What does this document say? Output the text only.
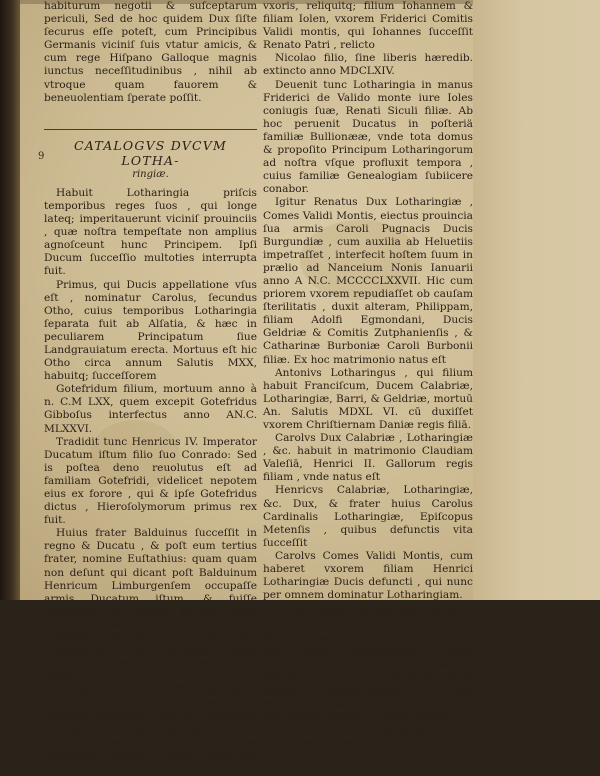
9

habiturum negotii & suſceptarum periculi, Sed de hoc quidem Dux ſiſte ſecurus eſſe poteſt, cum Principibus Germanis viciniſ ſuis vtatur amicis, & cum rege Hiſpano Galloque magnis iunctus neceſſitudinibus , nihil ab vtroque quam fauorem & beneuolentiam ſperate poſſit.

CATALOGVS DVCVM LOTHA-

ringiæ.

Habuit Lotharingia priſcis temporibus reges ſuos , qui longe lateq; imperitauerunt viciniſ prouinciis , quæ noſtra tempeſtate non amplius agnoſceunt hunc Principem. Ipſi Ducum ſucceſſio multoties interrupta fuit.

Primus, qui Ducis appellatione vſus eſt , nominatur Carolus, ſecundus Otho, cuius temporibus Lotharingia ſeparata fuit ab Alſatia, & hæc in peculiarem Principatum ſiue Landgrauiatum erecta. Mortuus eſt hic Otho circa annum Salutis MXX, habuitq; ſucceſſorem

Gotefridum filium, mortuum anno à n. C.M LXX, quem excepit Gotefridus Gibboſus interfectus anno AN.C. MLXXVI.

Tradidit tunc Henricus IV. Imperator Ducatum iſtum filio ſuo Conrado: Sed is poſtea deno reuolutus eſt ad familiam Gotefridi, videlicet nepotem eius ex forore , qui & ipſe Gotefridus dictus , Hieroſolymorum primus rex fuit.

Huius frater Balduinus ſucceſſit in regno & Ducatu , & poſt eum tertius frater, nomine Euſtathius: quam quam non deſunt qui dicant poſt Balduinum Henricum Limburgenſem occupaſſe armis Ducatum iſtum, & fuiſſe Septimum in ordine Ducem circa annum Gratiæ MC VI.

Poſtea dedit Henricus V. Imperator Principatum hunc Guilelmo Comiti Louanienſi, qui ſucceſſores habuit duos.

Theodoricum filiu , & Theobaldum ex hoc filio Theodorico nepotem. Cui ſucceſſit Fridericus, ſub quo Brabantia à Ducatu Lotharingico auulſa fuit.

Poſt Fridericum aiunt quendam Matthæum Ducatu potitum fuiſſe, qui reliquerit Simonem

vxoris, reliquitq; filium Iohannem & filiam Iolen, vxorem Friderici Comitis Validi montis, qui Iohannes ſucceſſit Renato Patri , relicto

Nicolao filio, ſine liberis hæredib. extincto anno MDCLXIV.

Deuenit tunc Lotharingia in manus Friderici de Valido monte iure Ioles coniugis ſuæ, Renati Siculi filiæ. Ab hoc peruenit Ducatus in poſteriä familiæ Bullionææ, vnde tota domus & propoſito Principum Lotharingorum ad noſtra vſque profluxit tempora , cuius familiæ Genealogiam ſubiicere conabor.

Igitur Renatus Dux Lotharingiæ , Comes Validi Montis, eiectus prouincia ſua armis Caroli Pugnacis Ducis Burgundiæ , cum auxilia ab Heluetiis impetraſſet , interfecit hoſtem ſuum in prælio ad Nanceium Nonis Ianuarii anno A N.C. MCCCCLXXVII. Hic cum priorem vxorem repudiaſſet ob cauſam ſterilitatis , duxit alteram, Philippam, filiam Adolfi Egmondani, Ducis Geldriæ & Comitis Zutphanienſis , & Catharinæ Burboniæ Caroli Burbonii filiæ. Ex hoc matrimonio natus eſt

Antonivs Lotharingus , qui filium habuit Franciſcum, Ducem Calabriæ, Lotharingiæ, Barri, & Geldriæ, mortuū An. Salutis MDXL VI. cū duxiſſet vxorem Chriſtiernam Daniæ regis filiā.

Carolvs Dux Calabriæ , Lotharingiæ , &c. habuit in matrimonio Claudiam Valeſiā, Henrici II. Gallorum regis filiam , vnde natus eſt

Henricvs Calabriæ, Lotharingiæ, &c. Dux, & frater huius Carolus Cardinalis Lotharingiæ, Epiſcopus Metenſis , quibus defunctis vita ſucceſſit

Carolvs Comes Validi Montis, cum haberet vxorem filiam Henrici Lotharingiæ Ducis defuncti , qui nunc per omnem dominatur Lotharingiam.

Origo Domus ſiue familiæ Guiſiæ.

Claudius Lotharingus , Dux Guiſius & Aumalius , Principum ſui temporis belli gloria celeberrimus , duxit vxorem Antoniam Bourbonniam , Filiam Franciſci Ducis Vindocinenſis & Mariæ Lucemburgicæ. Ex hoc matrimonio nati ſunt liberi vndecim, filii quidem ſeptem, & filiæ quatuor.

1. Franciſcus Lotharingus, dictus Aumalius, poſtea Elbouius Dux.
